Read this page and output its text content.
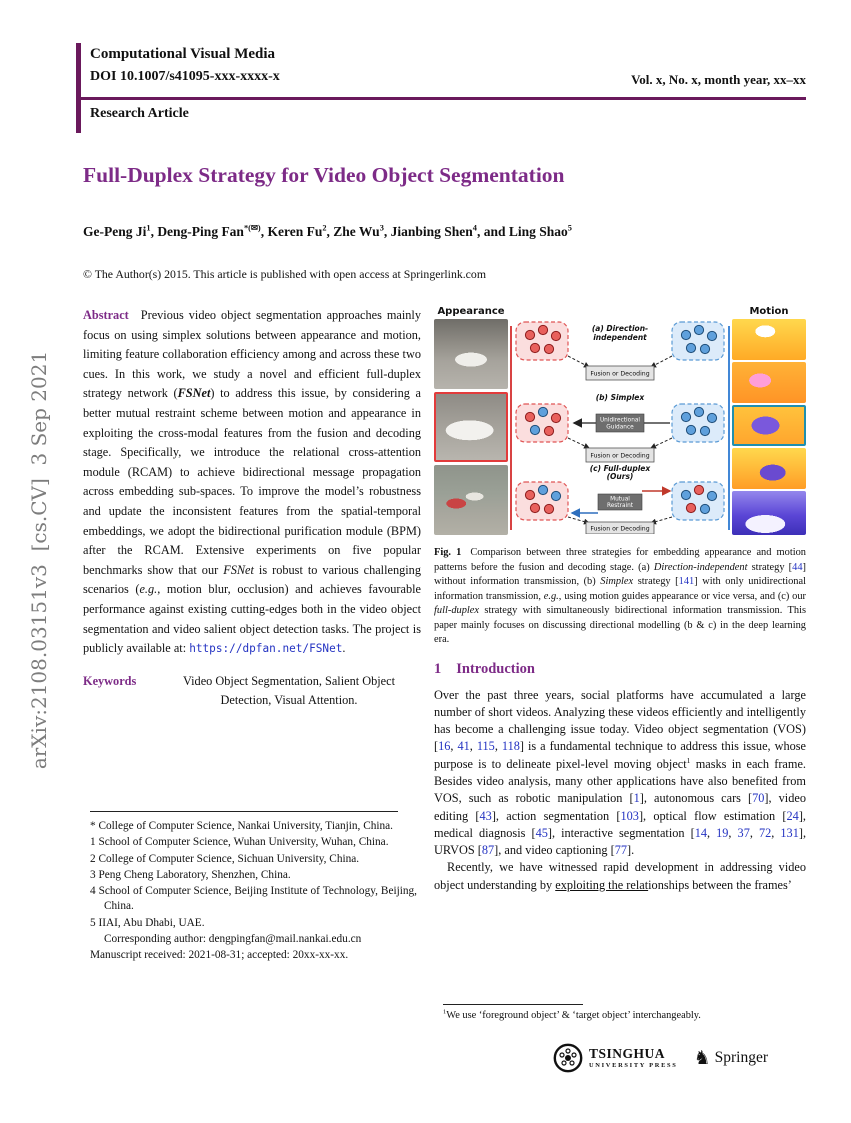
arXiv:2108.03151v3  [cs.CV]  3 Sep 2021
Computational Visual Media
DOI 10.1007/s41095-xxx-xxxx-x	Vol. x, No. x, month year, xx–xx
Research Article
Full-Duplex Strategy for Video Object Segmentation
Ge-Peng Ji$^1$, Deng-Ping Fan*(✉), Keren Fu$^2$, Zhe Wu$^3$, Jianbing Shen$^4$, and Ling Shao$^5$
© The Author(s) 2015. This article is published with open access at Springerlink.com

Abstract Previous video object segmentation approaches mainly focus on using simplex solutions between appearance and motion, limiting feature collaboration efficiency among and across these two cues. In this work, we study a novel and efficient full-duplex strategy network (FSNet) to address this issue, by considering a better mutual restraint scheme between motion and appearance in exploiting the cross-modal features from the fusion and decoding stage. Specifically, we introduce the relational cross-attention module (RCAM) to achieve bidirectional message propagation across embedding sub-spaces. To improve the model’s robustness and update the inconsistent features from the spatial-temporal embeddings, we adopt the bidirectional purification module (BPM) after the RCAM. Extensive experiments on five popular benchmarks show that our FSNet is robust to various challenging scenarios (e.g., motion blur, occlusion) and achieves favourable performance against existing cutting-edges both in the video object segmentation and video salient object detection tasks. The project is publicly available at: https://dpfan.net/FSNet.

Keywords	Video Object Segmentation, Salient Object Detection, Visual Attention.
* College of Computer Science, Nankai University, Tianjin, China.
1 School of Computer Science, Wuhan University, Wuhan, China.
2 College of Computer Science, Sichuan University, China.
3 Peng Cheng Laboratory, Shenzhen, China.
4 School of Computer Science, Beijing Institute of Technology, Beijing, China.
5 IIAI, Abu Dhabi, UAE.
Corresponding author: dengpingfan@mail.nankai.edu.cn
Manuscript received: 2021-08-31; accepted: 20xx-xx-xx.
Appearance	Motion
(a) Direction-
independent
Fusion or Decoding
(b) Simplex
Unidirectional
Guidance
Fusion or Decoding
(c) Full-duplex
(Ours)
Mutual
Restraint
Fusion or Decoding

Fig. 1 Comparison between three strategies for embedding appearance and motion patterns before the fusion and decoding stage. (a) Direction-independent strategy [44] without information transmission, (b) Simplex strategy [141] with only unidirectional information transmission, e.g., using motion guides appearance or vice versa, and (c) our full-duplex strategy with simultaneously bidirectional information transmission. This paper mainly focuses on discussing directional modelling (b & c) in the deep learning era.

1 Introduction

Over the past three years, social platforms have accumulated a large number of short videos. Analyzing these videos efficiently and intelligently has become a challenging issue today. Video object segmentation (VOS) [16, 41, 115, 118] is a fundamental technique to address this issue, whose purpose is to delineate pixel-level moving object$^1$ masks in each frame. Besides video analysis, many other applications have also benefited from VOS, such as robotic manipulation [1], autonomous cars [70], video editing [43], action segmentation [103], optical flow estimation [24], medical diagnosis [45], interactive segmentation [14, 19, 37, 72, 131], URVOS [87], and video captioning [77].

Recently, we have witnessed rapid development in addressing video object understanding by exploiting the relationships between the frames’

$^1$We use ‘foreground object’ & ‘target object’ interchangeably.

TSINGHUA
UNIVERSITY PRESS ♞ Springer
